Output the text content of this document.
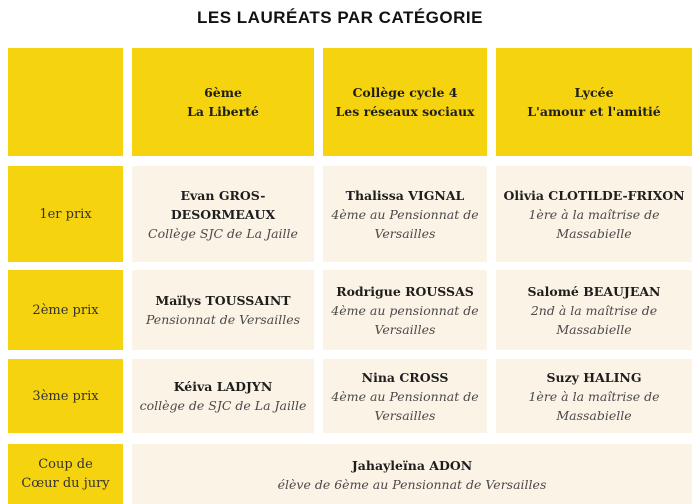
LES LAURÉATS PAR CATÉGORIE
6ème
La Liberté
Collège cycle 4
Les réseaux sociaux
Lycée
L'amour et l'amitié
1er prix
Evan GROS-DESORMEAUX
Collège SJC de La Jaille
Thalissa VIGNAL
4ème au Pensionnat de Versailles
Olivia CLOTILDE-FRIXON
1ère à la maîtrise de Massabielle
2ème prix
Maïlys TOUSSAINT
Pensionnat de Versailles
Rodrigue ROUSSAS
4ème au pensionnat de Versailles
Salomé BEAUJEAN
2nd à la maîtrise de Massabielle
3ème prix
Kéiva LADJYN
collège de SJC de La Jaille
Nina CROSS
4ème au Pensionnat de Versailles
Suzy HALING
1ère à la maîtrise de Massabielle
Coup de Cœur du jury
Jahayleïna ADON
élève de 6ème au Pensionnat de Versailles
